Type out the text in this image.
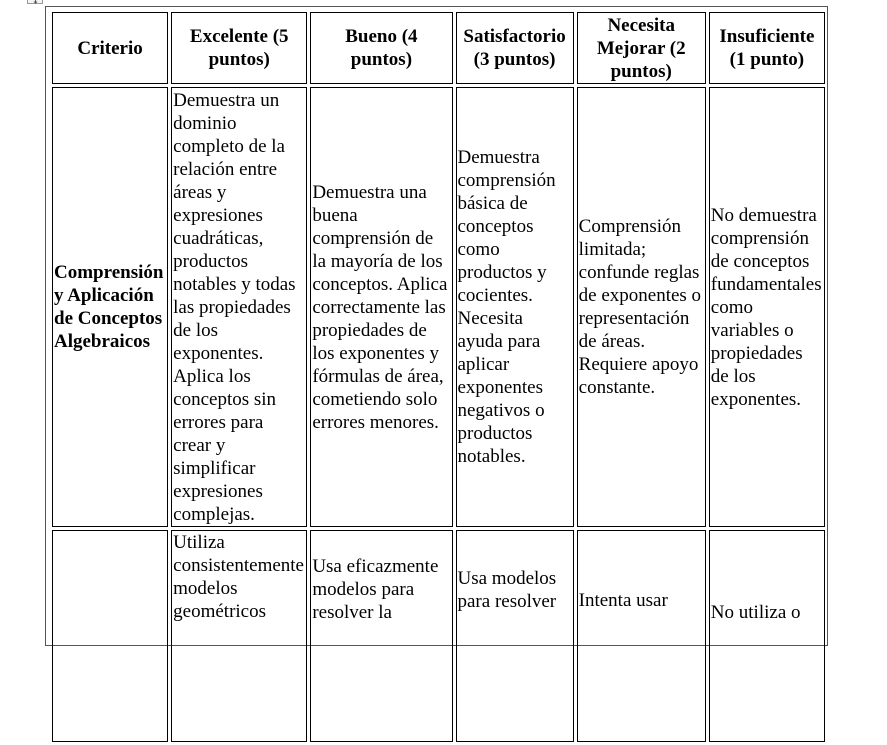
Criterio	Excelente (5 puntos)	Bueno (4 puntos)	Satisfactorio (3 puntos)	Necesita Mejorar (2 puntos)	Insuficiente (1 punto)
Comprensión y Aplicación de Conceptos Algebraicos	Demuestra un dominio completo de la relación entre áreas y expresiones cuadráticas, productos notables y todas las propiedades de los exponentes. Aplica los conceptos sin errores para crear y simplificar expresiones complejas.	Demuestra una buena comprensión de la mayoría de los conceptos. Aplica correctamente las propiedades de los exponentes y fórmulas de área, cometiendo solo errores menores.	Demuestra comprensión básica de conceptos como productos y cocientes. Necesita ayuda para aplicar exponentes negativos o productos notables.	Comprensión limitada; confunde reglas de exponentes o representación de áreas. Requiere apoyo constante.	No demuestra comprensión de conceptos fundamentales como variables o propiedades de los exponentes.
	Utiliza consistentemente modelos geométricos	Usa eficazmente modelos para resolver la	Usa modelos para resolver	Intenta usar	No utiliza o
